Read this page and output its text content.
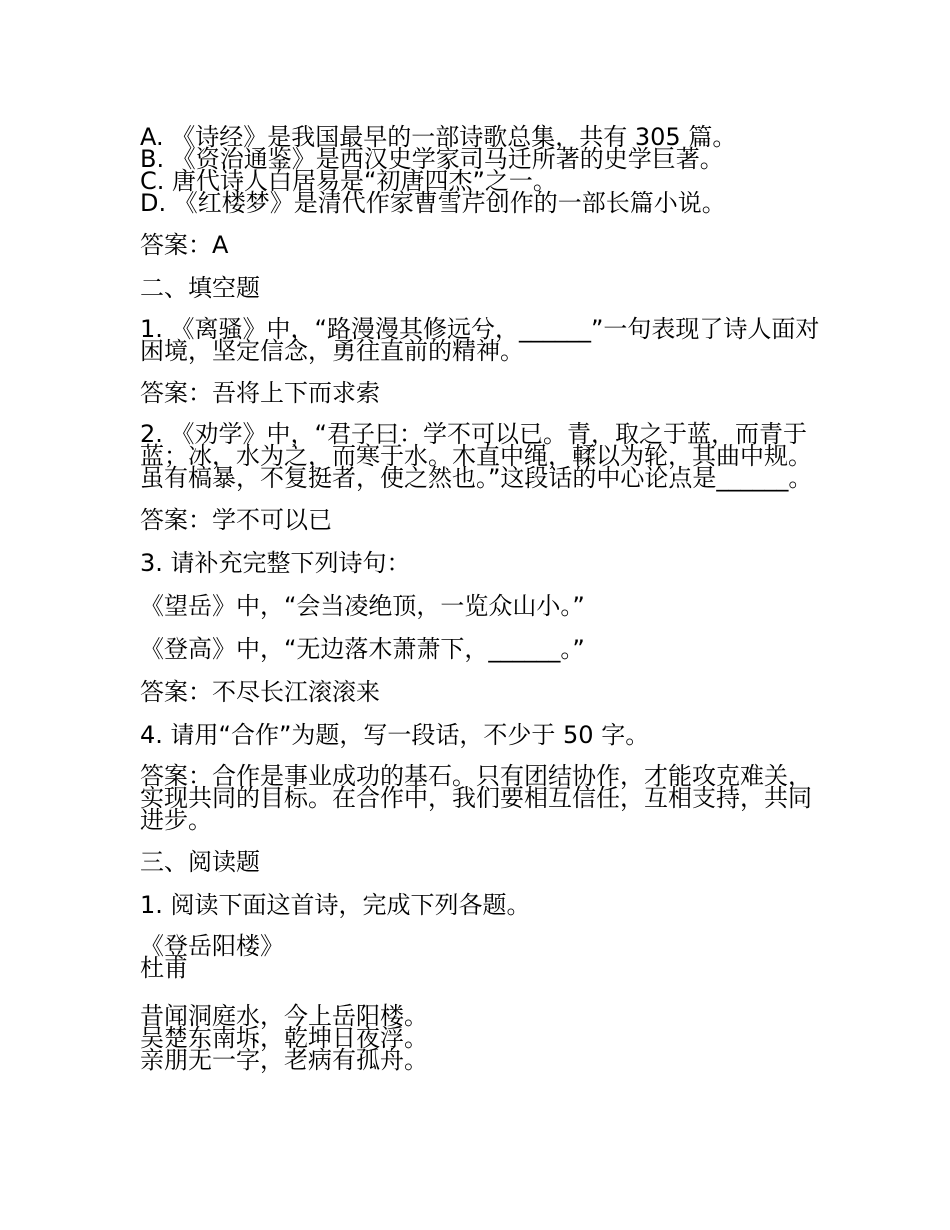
A. 《诗经》是我国最早的一部诗歌总集，共有 305 篇。
B. 《资治通鉴》是西汉史学家司马迁所著的史学巨著。
C. 唐代诗人白居易是“初唐四杰”之一。
D. 《红楼梦》是清代作家曹雪芹创作的一部长篇小说。

答案：A

二、填空题

1. 《离骚》中，“路漫漫其修远兮，______”一句表现了诗人面对困境，坚定信念，勇往直前的精神。

答案：吾将上下而求索

2. 《劝学》中，“君子曰：学不可以已。青，取之于蓝，而青于蓝；冰，水为之，而寒于水。木直中绳，輮以为轮，其曲中规。虽有槁暴，不复挺者，使之然也。”这段话的中心论点是______。

答案：学不可以已

3. 请补充完整下列诗句：

《望岳》中，“会当凌绝顶，一览众山小。”

《登高》中，“无边落木萧萧下，______。”

答案：不尽长江滚滚来

4. 请用“合作”为题，写一段话，不少于 50 字。

答案：合作是事业成功的基石。只有团结协作，才能攻克难关，实现共同的目标。在合作中，我们要相互信任，互相支持，共同进步。

三、阅读题

1. 阅读下面这首诗，完成下列各题。

《登岳阳楼》
杜甫
昔闻洞庭水，今上岳阳楼。
吴楚东南坼，乾坤日夜浮。
亲朋无一字，老病有孤舟。
